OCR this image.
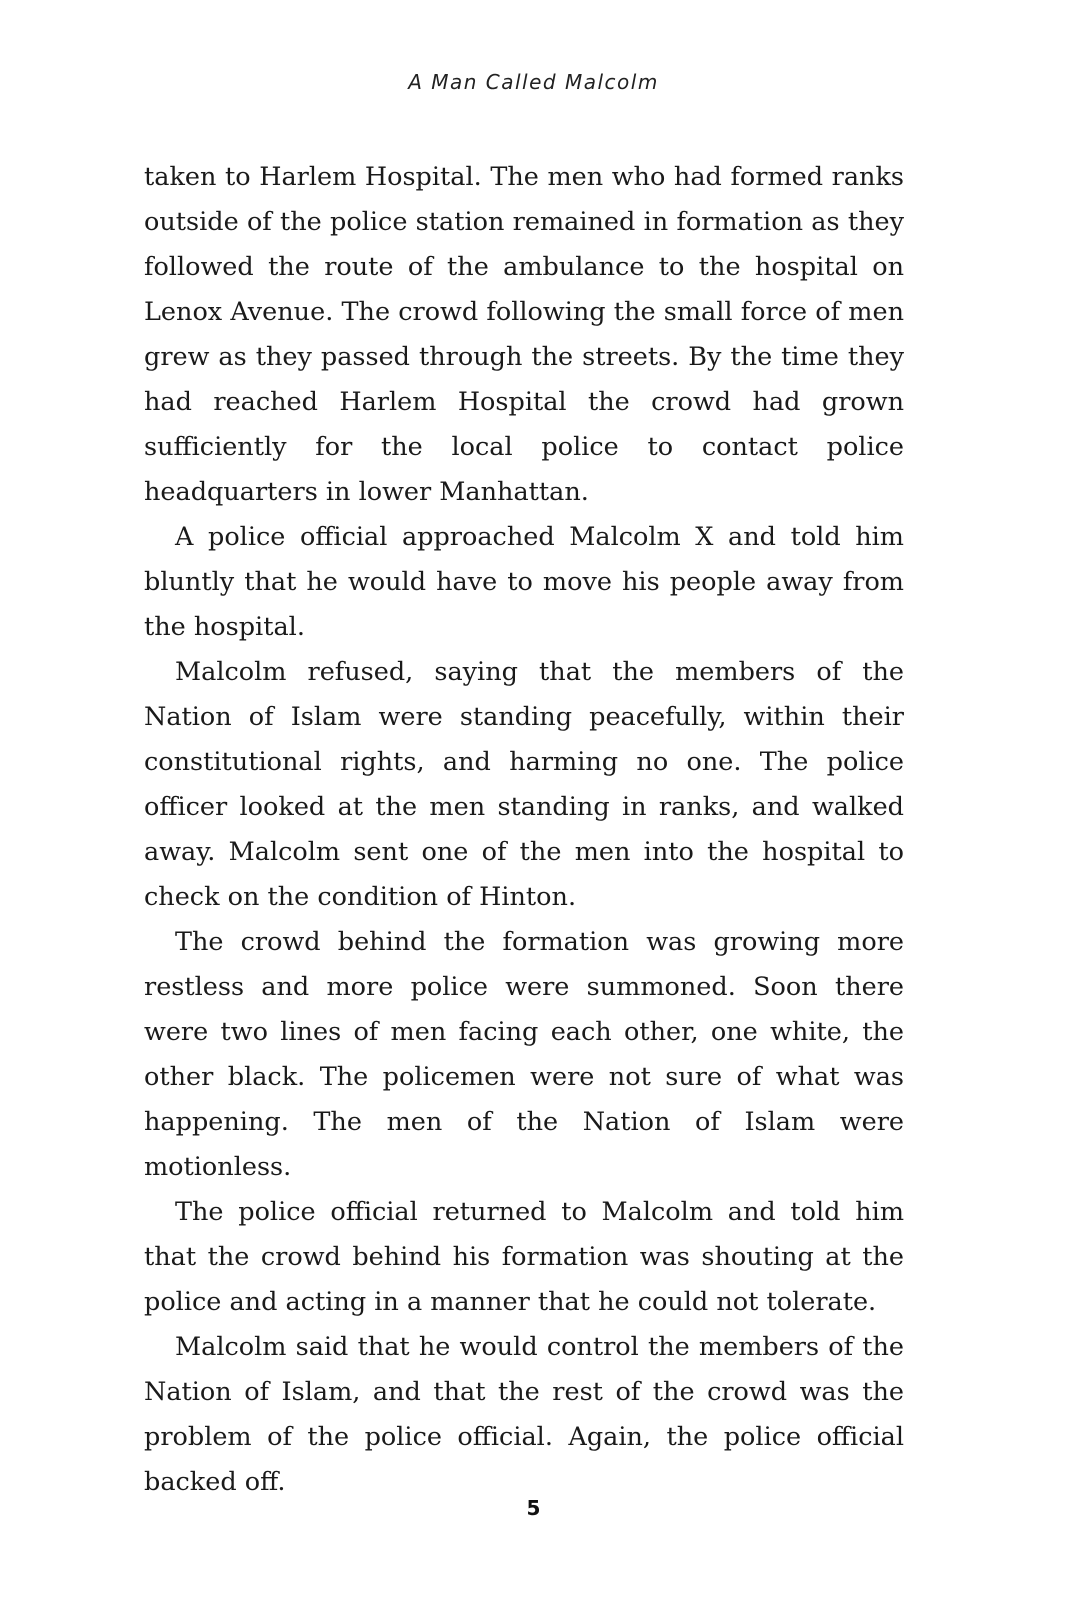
A Man Called Malcolm

taken to Harlem Hospital. The men who had formed ranks outside of the police station remained in formation as they followed the route of the ambulance to the hospital on Lenox Avenue. The crowd following the small force of men grew as they passed through the streets. By the time they had reached Harlem Hospital the crowd had grown sufficiently for the local police to contact police headquarters in lower Manhattan.

A police official approached Malcolm X and told him bluntly that he would have to move his people away from the hospital.

Malcolm refused, saying that the members of the Nation of Islam were standing peacefully, within their constitutional rights, and harming no one. The police officer looked at the men standing in ranks, and walked away. Malcolm sent one of the men into the hospital to check on the condition of Hinton.

The crowd behind the formation was growing more restless and more police were summoned. Soon there were two lines of men facing each other, one white, the other black. The policemen were not sure of what was happening. The men of the Nation of Islam were motionless.

The police official returned to Malcolm and told him that the crowd behind his formation was shouting at the police and acting in a manner that he could not tolerate.

Malcolm said that he would control the members of the Nation of Islam, and that the rest of the crowd was the problem of the police official. Again, the police official backed off.

5
